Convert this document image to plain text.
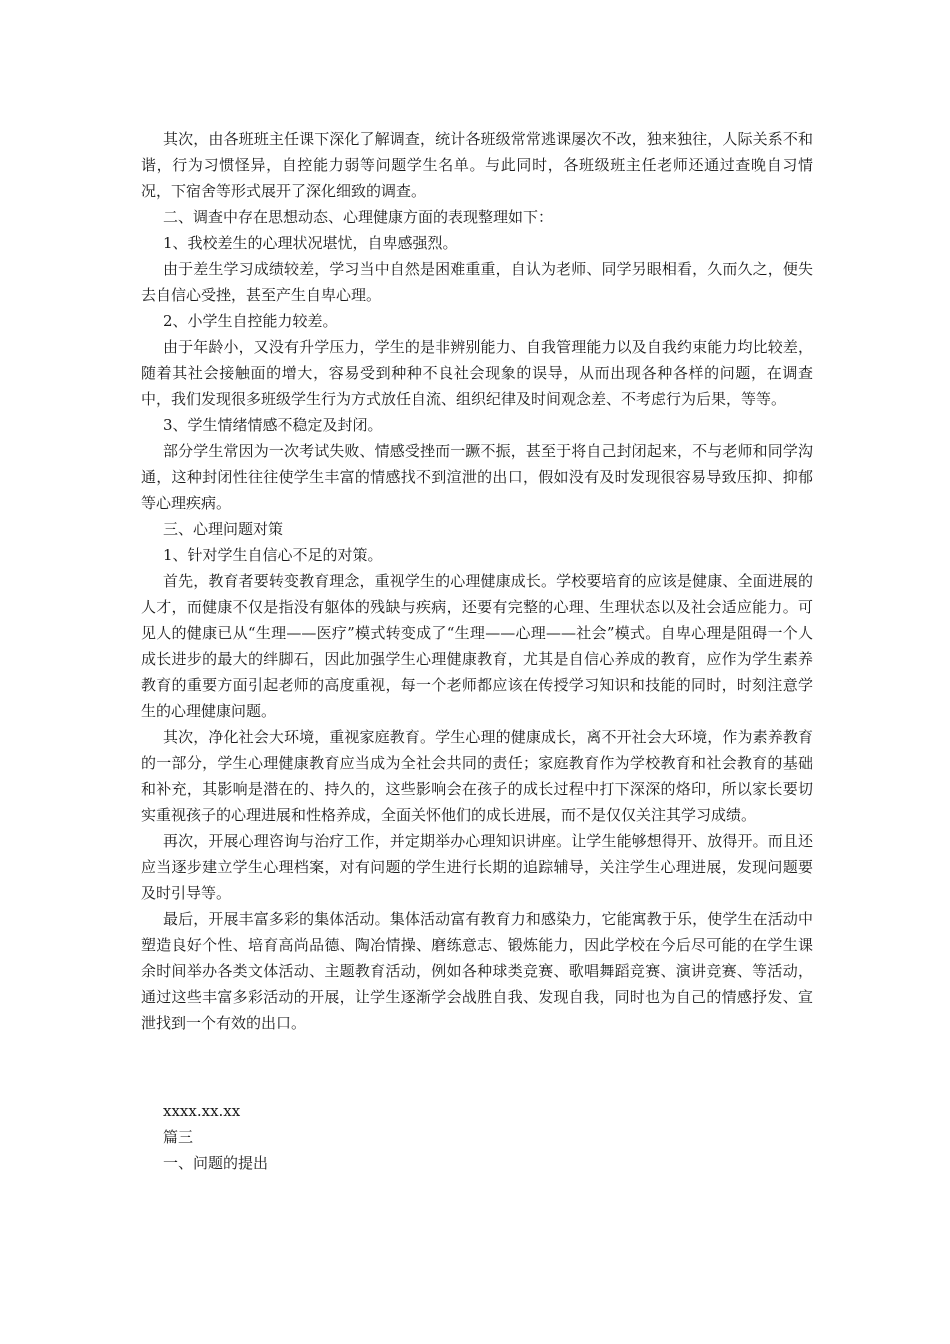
其次，由各班班主任课下深化了解调查，统计各班级常常逃课屡次不改，独来独往，人际关系不和谐，行为习惯怪异，自控能力弱等问题学生名单。与此同时，各班级班主任老师还通过查晚自习情况，下宿舍等形式展开了深化细致的调查。

二、调查中存在思想动态、心理健康方面的表现整理如下：

1、我校差生的心理状况堪忧，自卑感强烈。

由于差生学习成绩较差，学习当中自然是困难重重，自认为老师、同学另眼相看，久而久之，便失去自信心受挫，甚至产生自卑心理。

2、小学生自控能力较差。

由于年龄小，又没有升学压力，学生的是非辨别能力、自我管理能力以及自我约束能力均比较差，随着其社会接触面的增大，容易受到种种不良社会现象的误导，从而出现各种各样的问题，在调查中，我们发现很多班级学生行为方式放任自流、组织纪律及时间观念差、不考虑行为后果，等等。

3、学生情绪情感不稳定及封闭。

部分学生常因为一次考试失败、情感受挫而一蹶不振，甚至于将自己封闭起来，不与老师和同学沟通，这种封闭性往往使学生丰富的情感找不到渲泄的出口，假如没有及时发现很容易导致压抑、抑郁等心理疾病。

三、心理问题对策

1、针对学生自信心不足的对策。

首先，教育者要转变教育理念，重视学生的心理健康成长。学校要培育的应该是健康、全面进展的人才，而健康不仅是指没有躯体的残缺与疾病，还要有完整的心理、生理状态以及社会适应能力。可见人的健康已从“生理——医疗”模式转变成了“生理——心理——社会”模式。自卑心理是阻碍一个人成长进步的最大的绊脚石，因此加强学生心理健康教育，尤其是自信心养成的教育，应作为学生素养教育的重要方面引起老师的高度重视，每一个老师都应该在传授学习知识和技能的同时，时刻注意学生的心理健康问题。

其次，净化社会大环境，重视家庭教育。学生心理的健康成长，离不开社会大环境，作为素养教育的一部分，学生心理健康教育应当成为全社会共同的责任；家庭教育作为学校教育和社会教育的基础和补充，其影响是潜在的、持久的，这些影响会在孩子的成长过程中打下深深的烙印，所以家长要切实重视孩子的心理进展和性格养成，全面关怀他们的成长进展，而不是仅仅关注其学习成绩。

再次，开展心理咨询与治疗工作，并定期举办心理知识讲座。让学生能够想得开、放得开。而且还应当逐步建立学生心理档案，对有问题的学生进行长期的追踪辅导，关注学生心理进展，发现问题要及时引导等。

最后，开展丰富多彩的集体活动。集体活动富有教育力和感染力，它能寓教于乐，使学生在活动中塑造良好个性、培育高尚品德、陶冶情操、磨练意志、锻炼能力，因此学校在今后尽可能的在学生课余时间举办各类文体活动、主题教育活动，例如各种球类竞赛、歌唱舞蹈竞赛、演讲竞赛、等活动，通过这些丰富多彩活动的开展，让学生逐渐学会战胜自我、发现自我，同时也为自己的情感抒发、宣泄找到一个有效的出口。

xxxx.xx.xx

篇三

一、问题的提出
